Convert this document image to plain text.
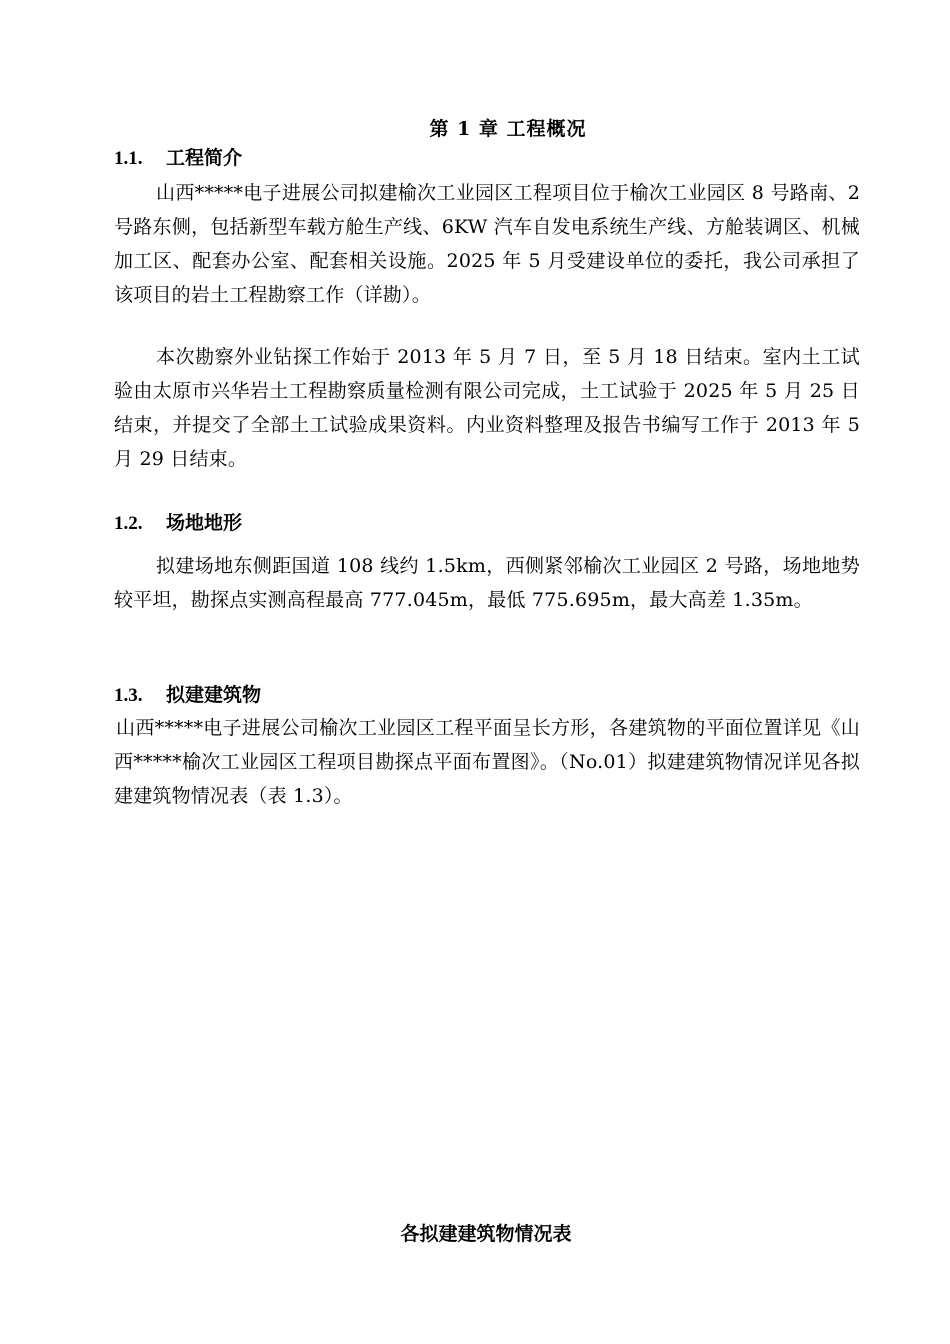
第 1 章 工程概况
1.1. 工程简介

山西*****电子进展公司拟建榆次工业园区工程项目位于榆次工业园区 8 号路南、2 号路东侧，包括新型车载方舱生产线、6KW 汽车自发电系统生产线、方舱装调区、机械加工区、配套办公室、配套相关设施。2025 年 5 月受建设单位的委托，我公司承担了该项目的岩土工程勘察工作（详勘）。

本次勘察外业钻探工作始于 2013 年 5 月 7 日，至 5 月 18 日结束。室内土工试验由太原市兴华岩土工程勘察质量检测有限公司完成，土工试验于 2025 年 5 月 25 日结束，并提交了全部土工试验成果资料。内业资料整理及报告书编写工作于 2013 年 5 月 29 日结束。

1.2. 场地地形

拟建场地东侧距国道 108 线约 1.5km，西侧紧邻榆次工业园区 2 号路，场地地势较平坦，勘探点实测高程最高 777.045m，最低 775.695m，最大高差 1.35m。

1.3. 拟建建筑物

山西*****电子进展公司榆次工业园区工程平面呈长方形，各建筑物的平面位置详见《山西*****榆次工业园区工程项目勘探点平面布置图》。（No.01）拟建建筑物情况详见各拟建建筑物情况表（表 1.3）。

各拟建建筑物情况表
